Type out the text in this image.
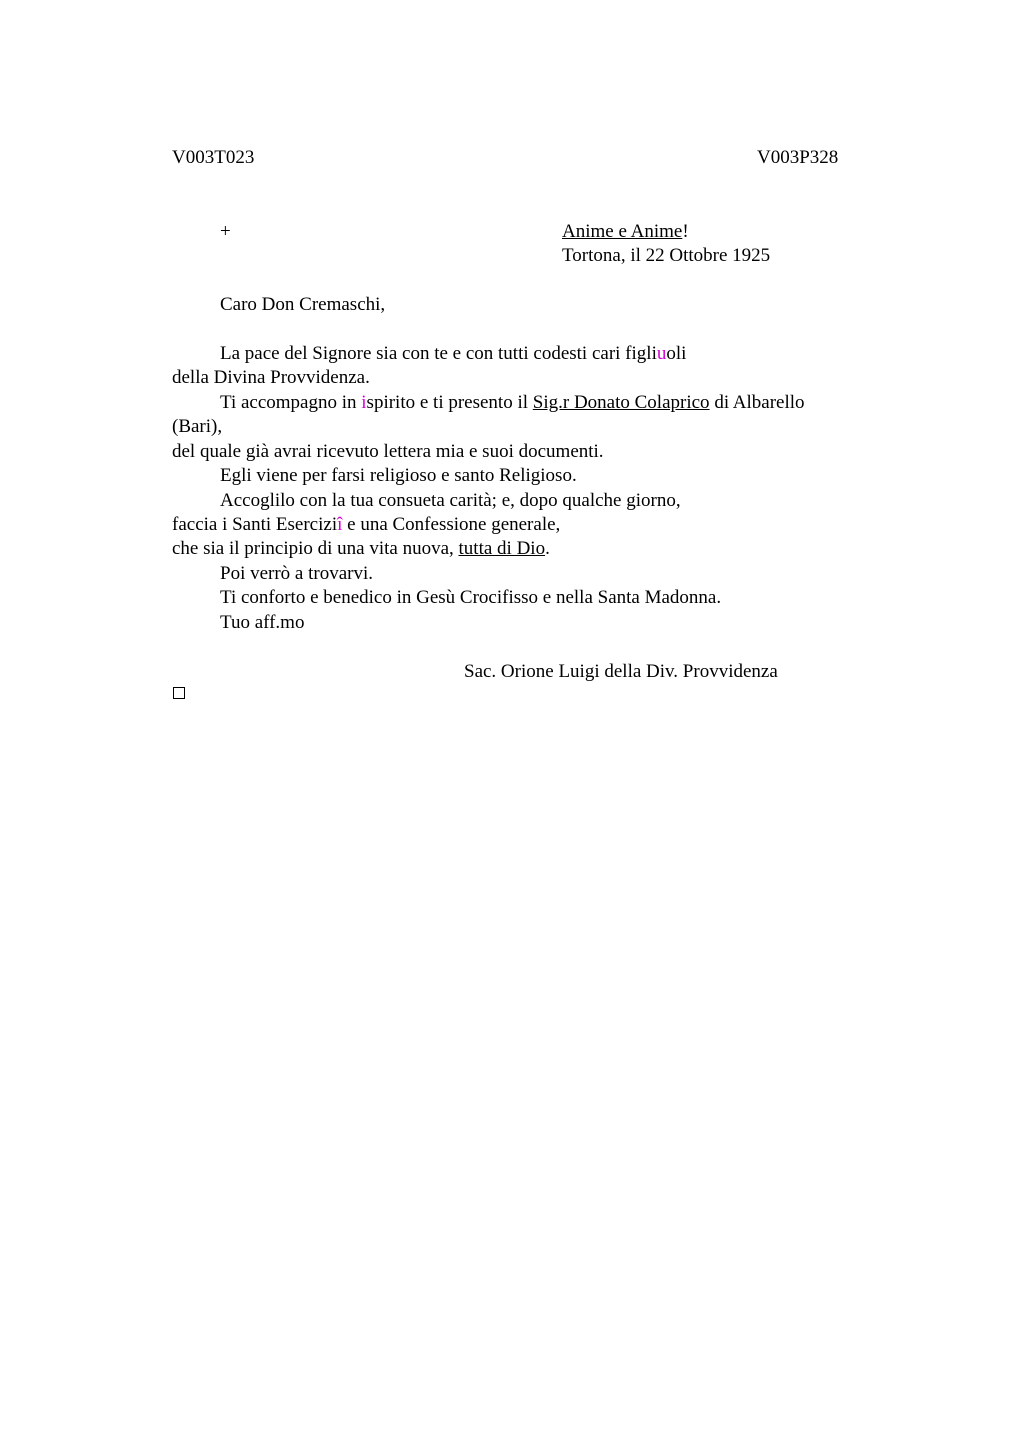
V003T023	V003P328
+	Anime e Anime!
Tortona, il 22 Ottobre 1925
Caro Don Cremaschi,
La pace del Signore sia con te e con tutti codesti cari figliuoli
della Divina Provvidenza.
Ti accompagno in ispirito e ti presento il Sig.r Donato Colaprico di Albarello
(Bari),
del quale già avrai ricevuto lettera mia e suoi documenti.
Egli viene per farsi religioso e santo Religioso.
Accoglilo con la tua consueta carità; e, dopo qualche giorno,
faccia i Santi Eserciziî e una Confessione generale,
che sia il principio di una vita nuova, tutta di Dio.
Poi verrò a trovarvi.
Ti conforto e benedico in Gesù Crocifisso e nella Santa Madonna.
Tuo aff.mo
Sac. Orione Luigi della Div. Provvidenza
